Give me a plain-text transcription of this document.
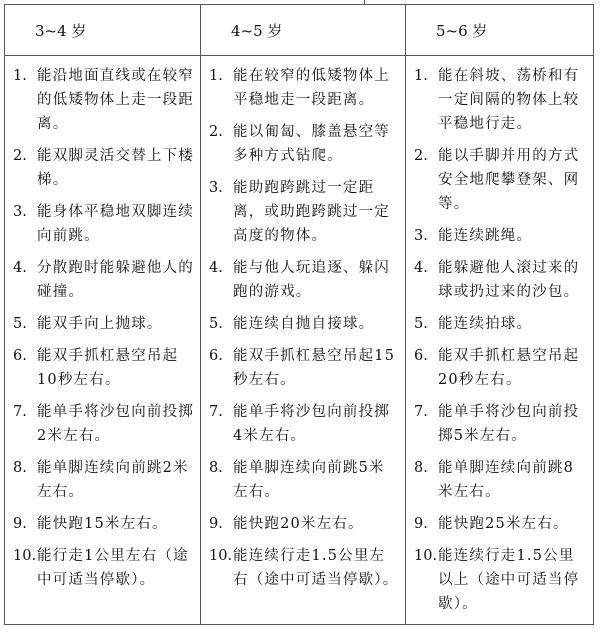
3~4 岁	4~5 岁	5~6 岁
1. 能沿地面直线或在较窄的低矮物体上走一段距离。
2. 能双脚灵活交替上下楼梯。
3. 能身体平稳地双脚连续向前跳。
4. 分散跑时能躲避他人的碰撞。
5. 能双手向上抛球。
6. 能双手抓杠悬空吊起10秒左右。
7. 能单手将沙包向前投掷2米左右。
8. 能单脚连续向前跳2米左右。
9. 能快跑15米左右。
10. 能行走1公里左右（途中可适当停歇）。
1. 能在较窄的低矮物体上平稳地走一段距离。
2. 能以匍匐、膝盖悬空等多种方式钻爬。
3. 能助跑跨跳过一定距离，或助跑跨跳过一定高度的物体。
4. 能与他人玩追逐、躲闪跑的游戏。
5. 能连续自抛自接球。
6. 能双手抓杠悬空吊起15秒左右。
7. 能单手将沙包向前投掷4米左右。
8. 能单脚连续向前跳5米左右。
9. 能快跑20米左右。
10. 能连续行走1.5公里左右（途中可适当停歇）。
1. 能在斜坡、荡桥和有一定间隔的物体上较平稳地行走。
2. 能以手脚并用的方式安全地爬攀登架、网等。
3. 能连续跳绳。
4. 能躲避他人滚过来的球或扔过来的沙包。
5. 能连续拍球。
6. 能双手抓杠悬空吊起20秒左右。
7. 能单手将沙包向前投掷5米左右。
8. 能单脚连续向前跳8米左右。
9. 能快跑25米左右。
10. 能连续行走1.5公里以上（途中可适当停歇）。
